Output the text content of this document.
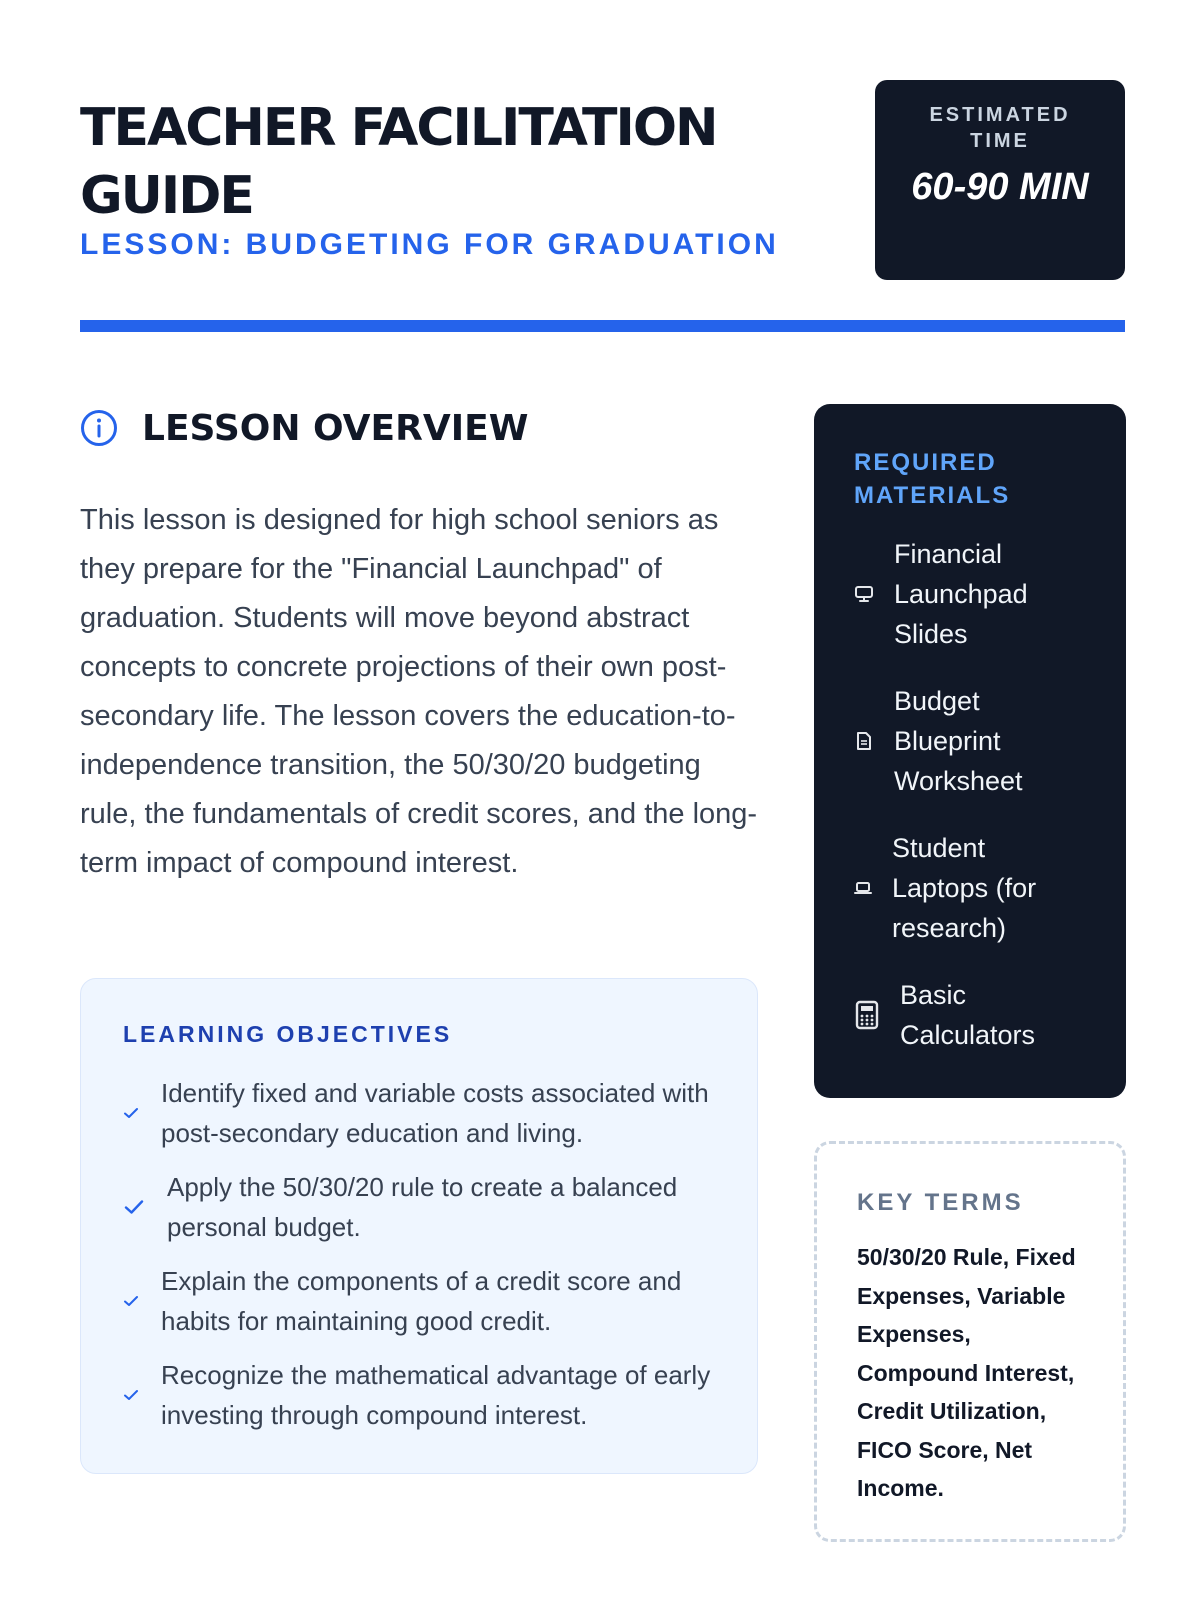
TEACHER FACILITATION GUIDE
LESSON: BUDGETING FOR GRADUATION
ESTIMATED TIME
60-90 MIN
LESSON OVERVIEW

This lesson is designed for high school seniors as they prepare for the "Financial Launchpad" of graduation. Students will move beyond abstract concepts to concrete projections of their own post-secondary life. The lesson covers the education-to-independence transition, the 50/30/20 budgeting rule, the fundamentals of credit scores, and the long-term impact of compound interest.

LEARNING OBJECTIVES
Identify fixed and variable costs associated with post-secondary education and living.
Apply the 50/30/20 rule to create a balanced personal budget.
Explain the components of a credit score and habits for maintaining good credit.
Recognize the mathematical advantage of early investing through compound interest.
REQUIRED MATERIALS
Financial Launchpad Slides
Budget Blueprint Worksheet
Student Laptops (for research)
Basic Calculators
KEY TERMS

50/30/20 Rule, Fixed Expenses, Variable Expenses, Compound Interest, Credit Utilization, FICO Score, Net Income.
